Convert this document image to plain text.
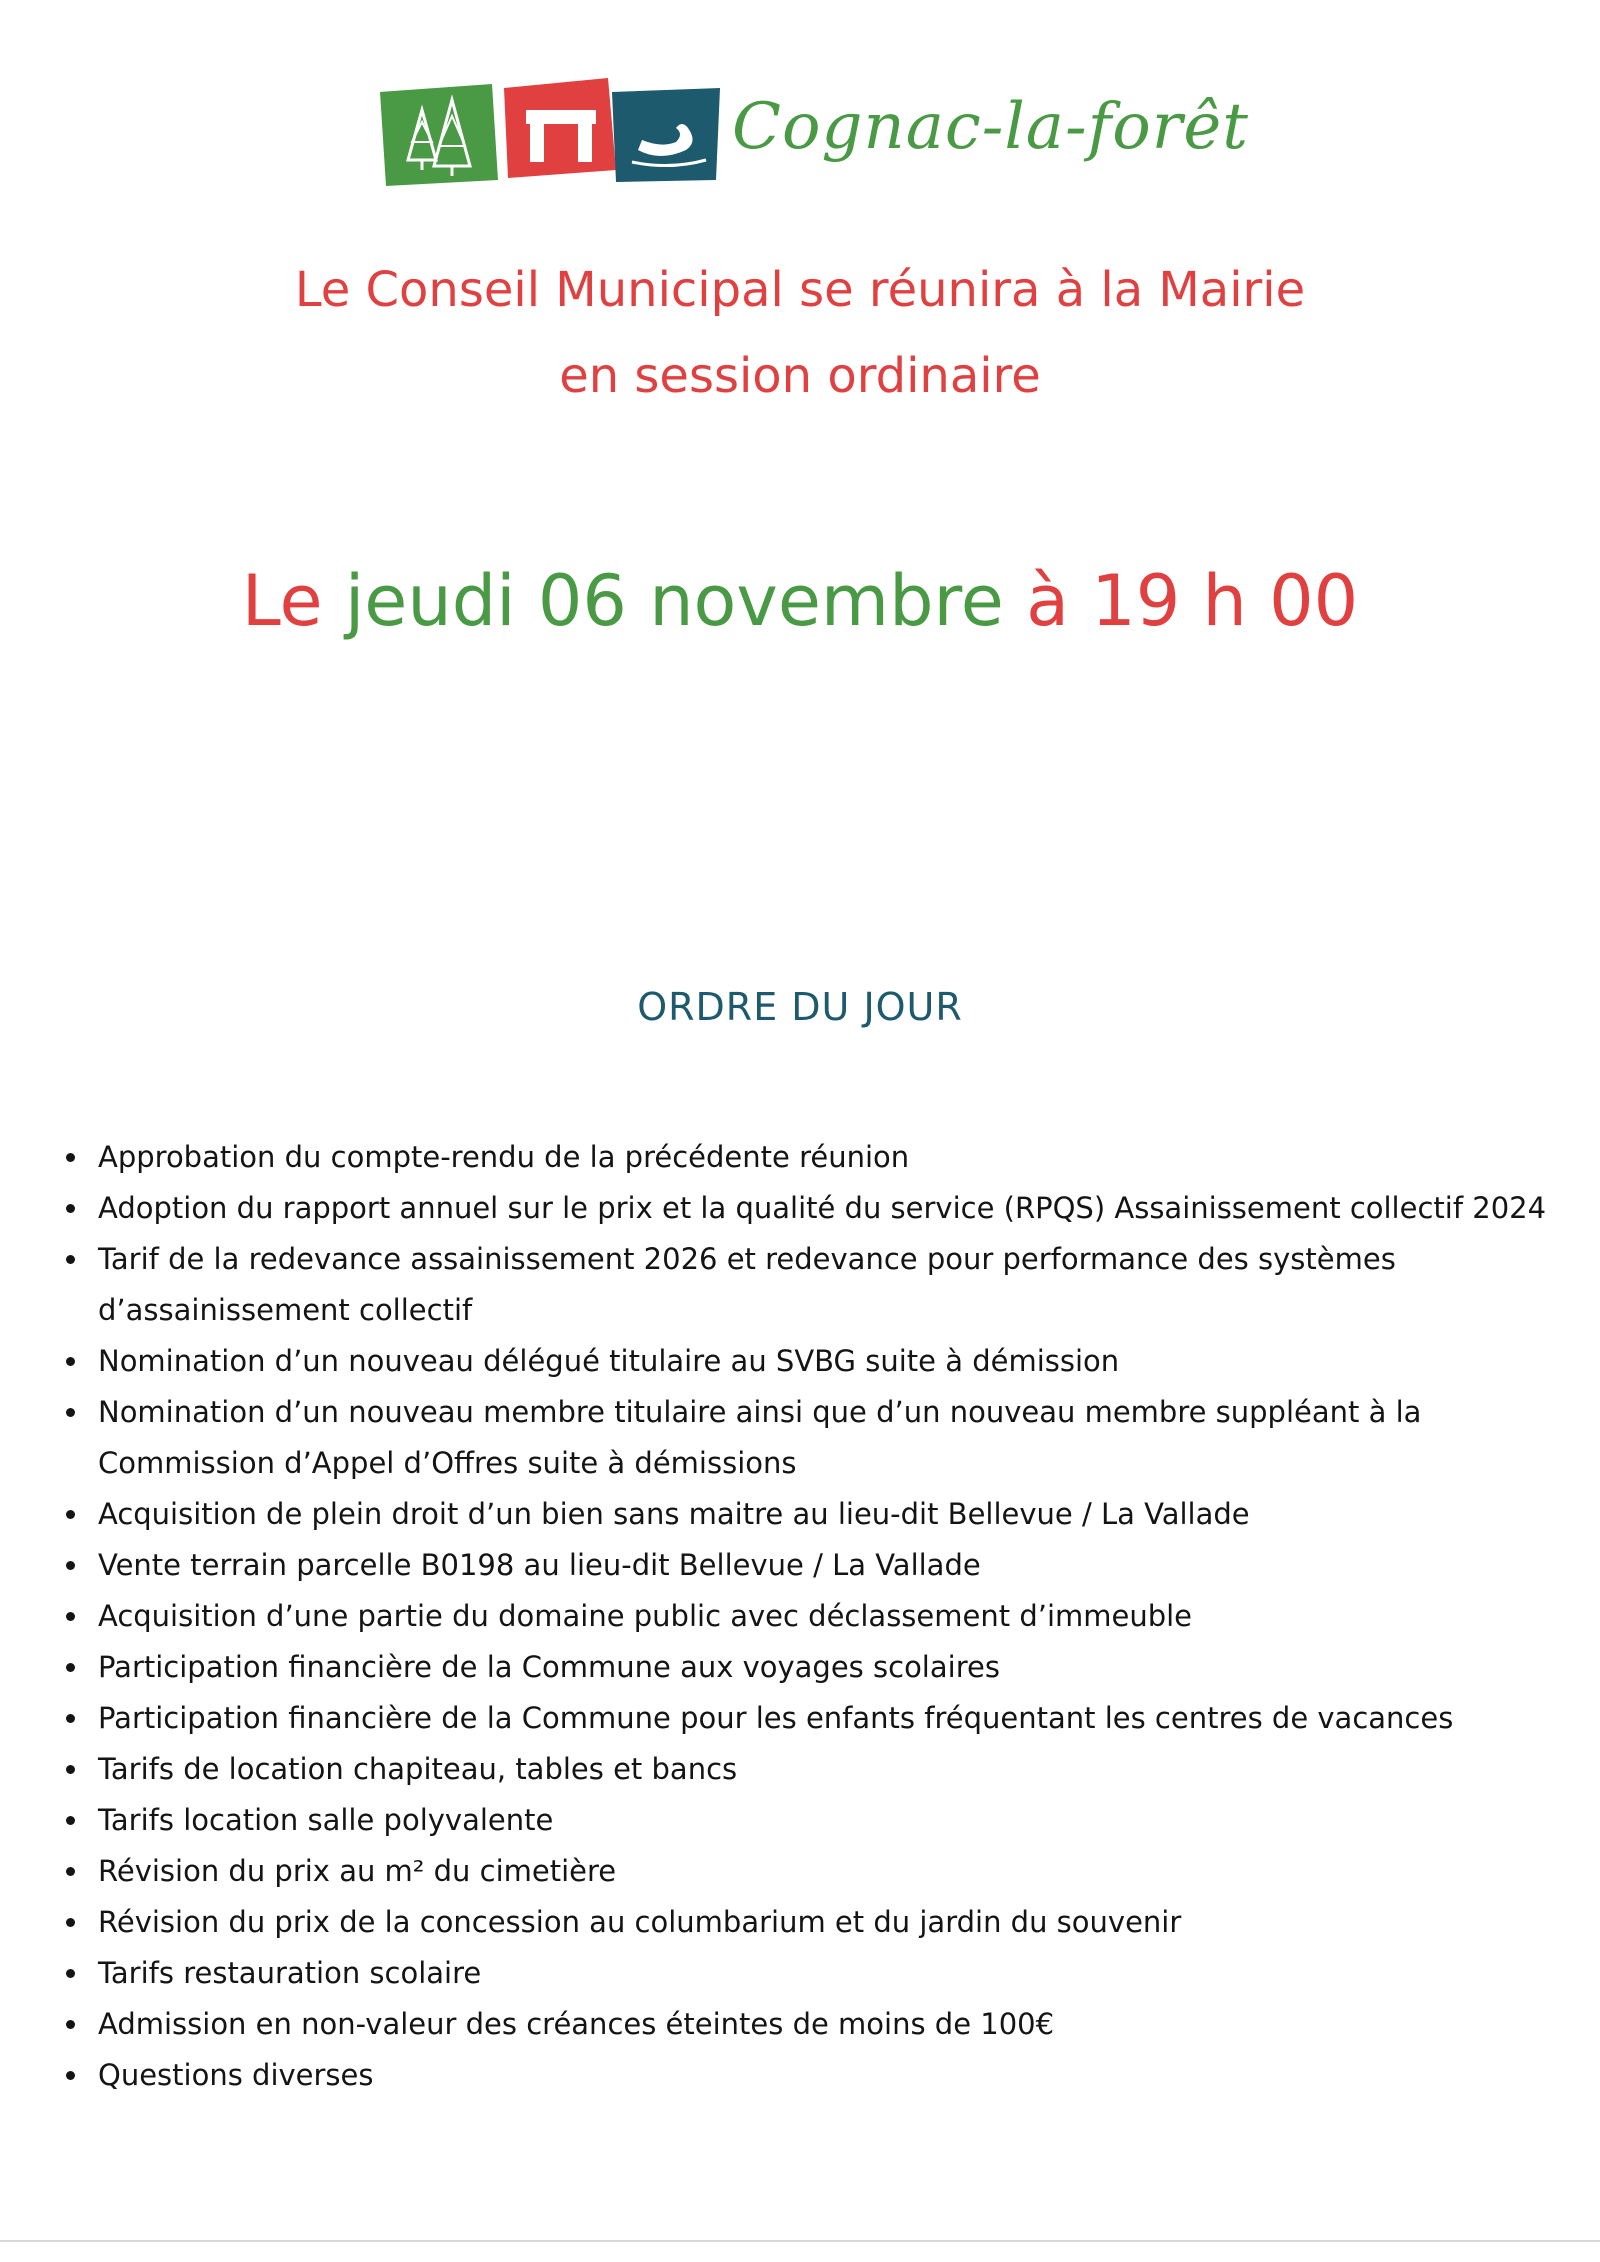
Cognac-la-forêt
Le Conseil Municipal se réunira à la Mairie
en session ordinaire
Le jeudi 06 novembre à 19 h 00
ORDRE DU JOUR
Approbation du compte-rendu de la précédente réunion
Adoption du rapport annuel sur le prix et la qualité du service (RPQS) Assainissement collectif 2024
Tarif de la redevance assainissement 2026 et redevance pour performance des systèmes d’assainissement collectif
Nomination d’un nouveau délégué titulaire au SVBG suite à démission
Nomination d’un nouveau membre titulaire ainsi que d’un nouveau membre suppléant à la Commission d’Appel d’Offres suite à démissions
Acquisition de plein droit d’un bien sans maitre au lieu-dit Bellevue / La Vallade
Vente terrain parcelle B0198 au lieu-dit Bellevue / La Vallade
Acquisition d’une partie du domaine public avec déclassement d’immeuble
Participation financière de la Commune aux voyages scolaires
Participation financière de la Commune pour les enfants fréquentant les centres de vacances
Tarifs de location chapiteau, tables et bancs
Tarifs location salle polyvalente
Révision du prix au m² du cimetière
Révision du prix de la concession au columbarium et du jardin du souvenir
Tarifs restauration scolaire
Admission en non-valeur des créances éteintes de moins de 100€
Questions diverses
